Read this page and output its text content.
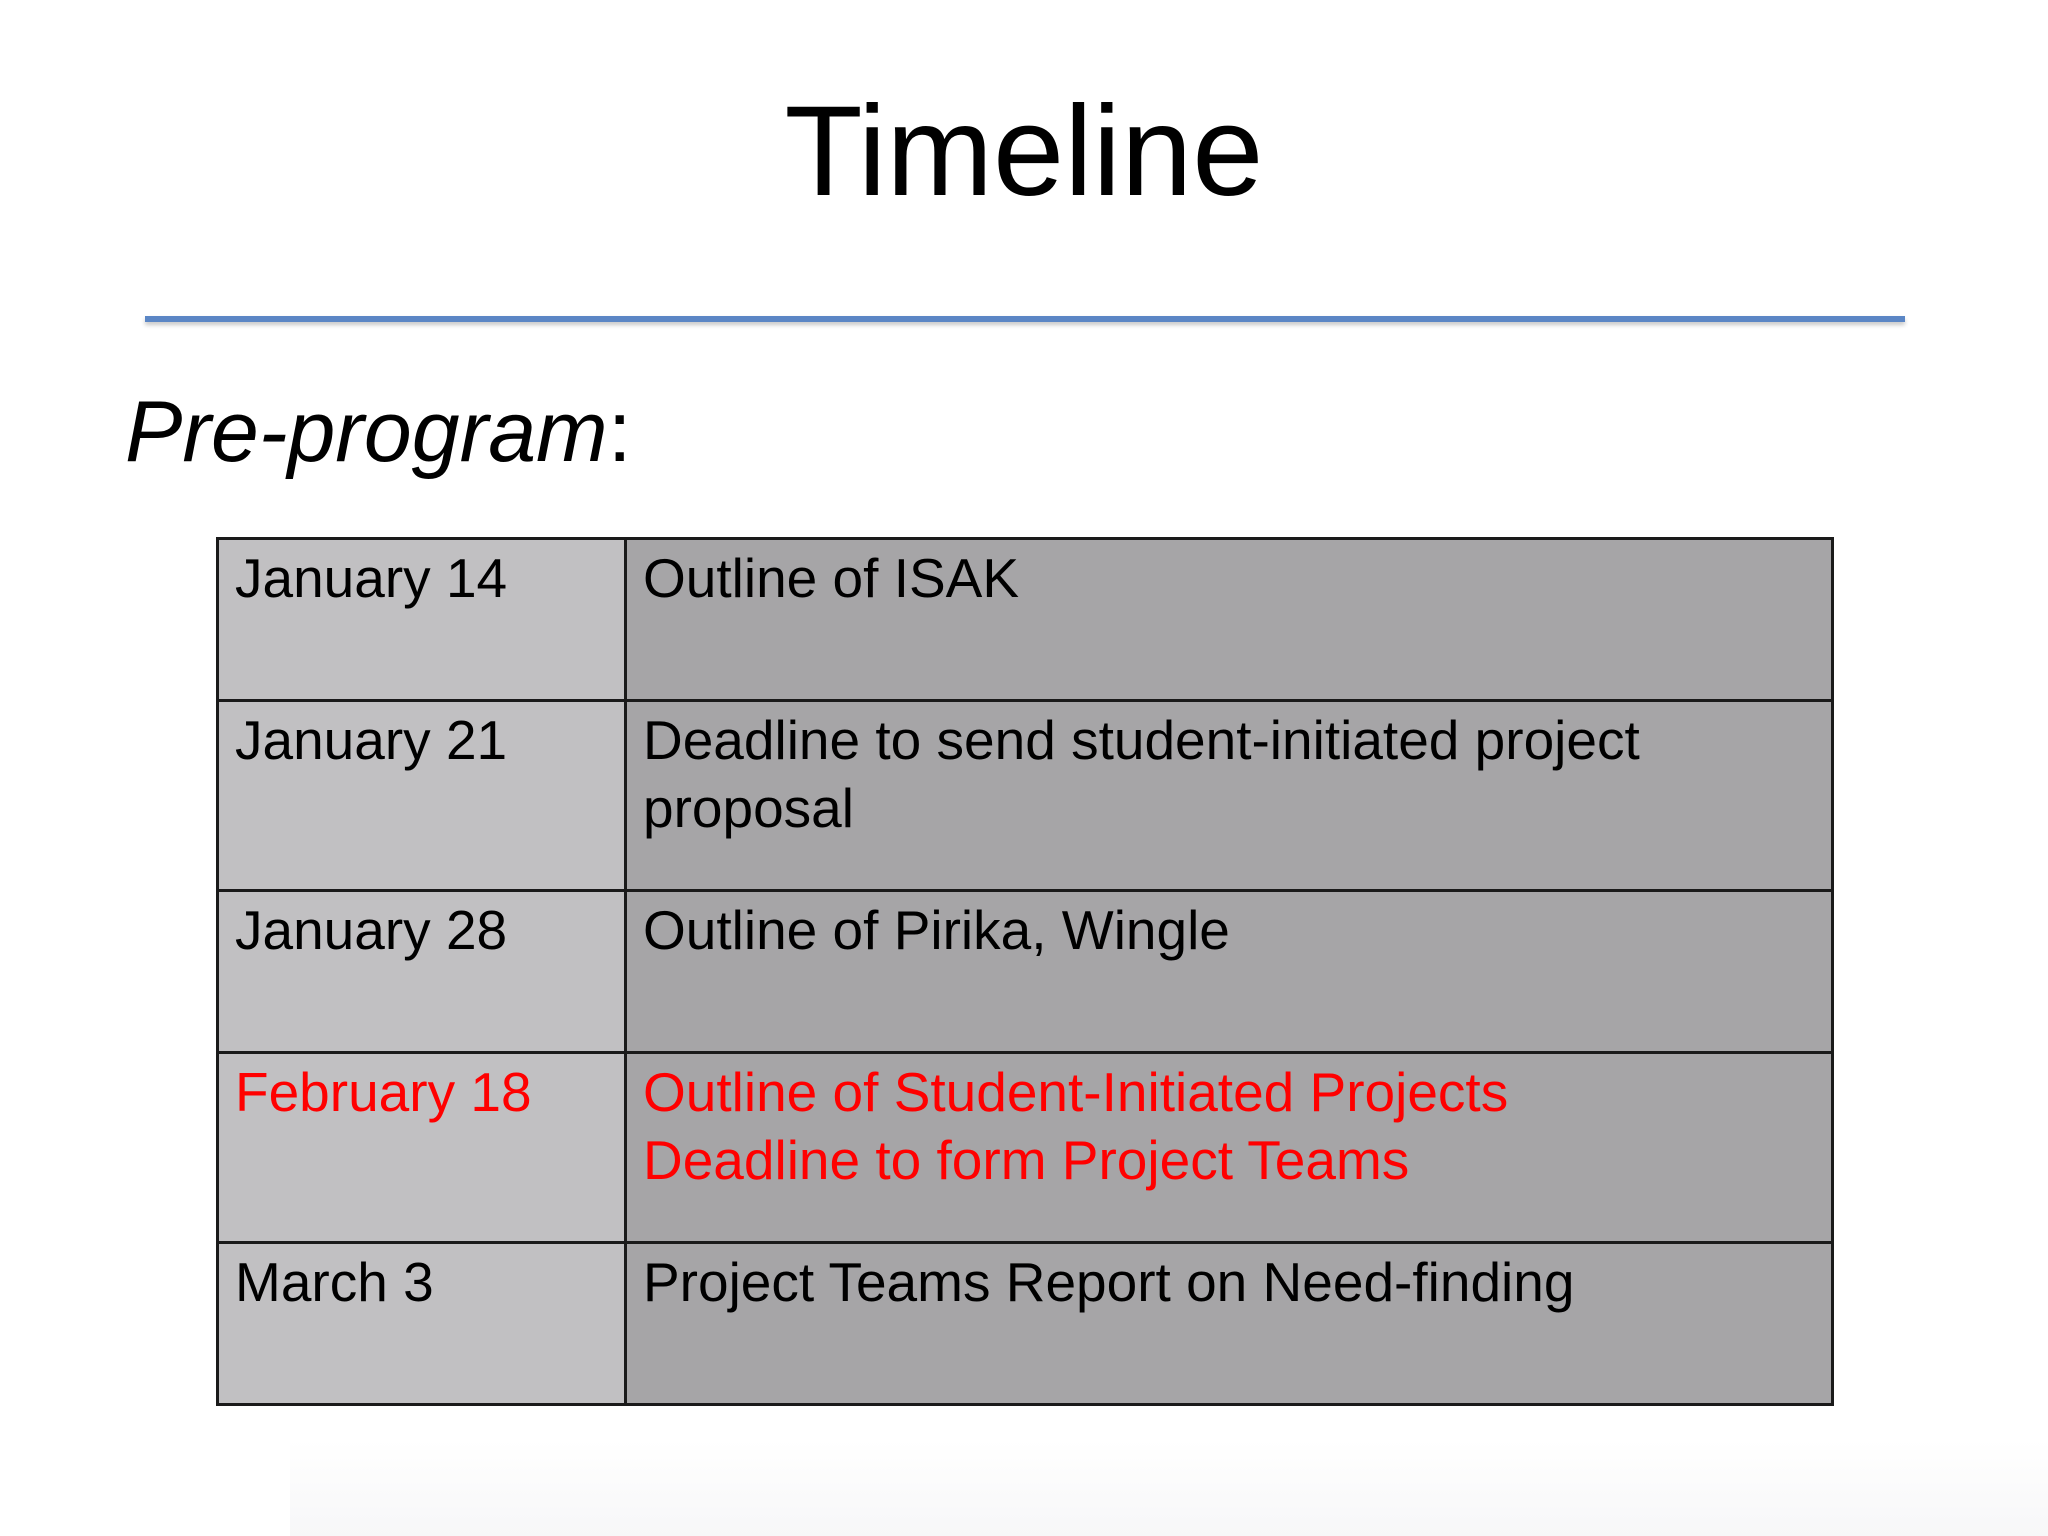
Timeline

Pre-program:

January 14	Outline of ISAK

January 21	Deadline to send student-initiated project proposal

January 28	Outline of Pirika, Wingle

February 18	Outline of Student-Initiated Projects
Deadline to form Project Teams

March 3	Project Teams Report on Need-finding
